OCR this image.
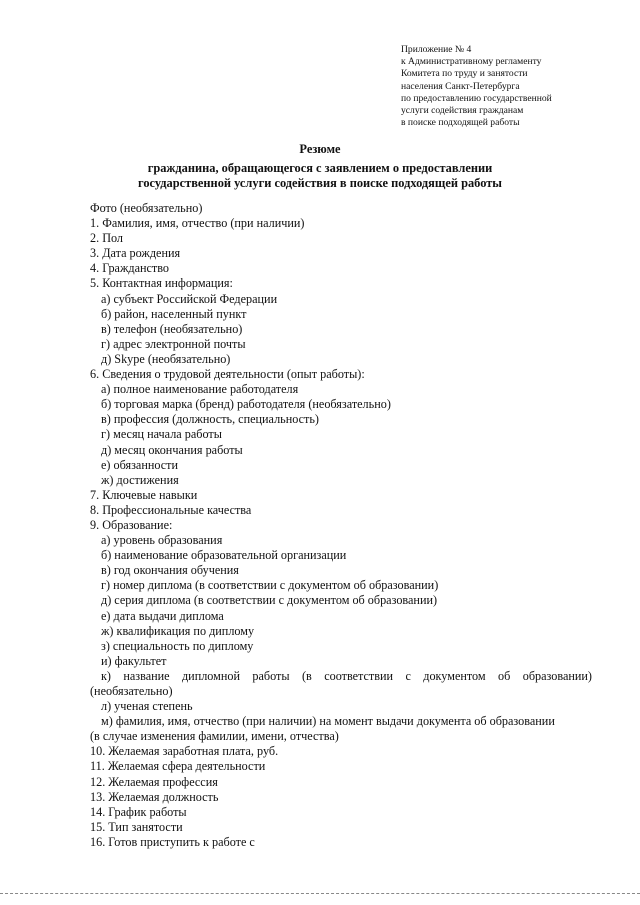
Приложение № 4
к Административному регламенту
Комитета по труду и занятости
населения Санкт-Петербурга
по предоставлению государственной
услуги содействия гражданам
в поиске подходящей работы
Резюме
гражданина, обращающегося с заявлением о предоставлении
государственной услуги содействия в поиске подходящей работы
Фото (необязательно)
1. Фамилия, имя, отчество (при наличии)
2. Пол
3. Дата рождения
4. Гражданство
5. Контактная информация:
а) субъект Российской Федерации
б) район, населенный пункт
в) телефон (необязательно)
г) адрес электронной почты
д) Skype (необязательно)
6. Сведения о трудовой деятельности (опыт работы):
а) полное наименование работодателя
б) торговая марка (бренд) работодателя (необязательно)
в) профессия (должность, специальность)
г) месяц начала работы
д) месяц окончания работы
е) обязанности
ж) достижения
7. Ключевые навыки
8. Профессиональные качества
9. Образование:
а) уровень образования
б) наименование образовательной организации
в) год окончания обучения
г) номер диплома (в соответствии с документом об образовании)
д) серия диплома (в соответствии с документом об образовании)
е) дата выдачи диплома
ж) квалификация по диплому
з) специальность по диплому
и) факультет
к) название дипломной работы (в соответствии с документом об образовании)
(необязательно)
л) ученая степень
м) фамилия, имя, отчество (при наличии) на момент выдачи документа об образовании
(в случае изменения фамилии, имени, отчества)
10. Желаемая заработная плата, руб.
11. Желаемая сфера деятельности
12. Желаемая профессия
13. Желаемая должность
14. График работы
15. Тип занятости
16. Готов приступить к работе с
